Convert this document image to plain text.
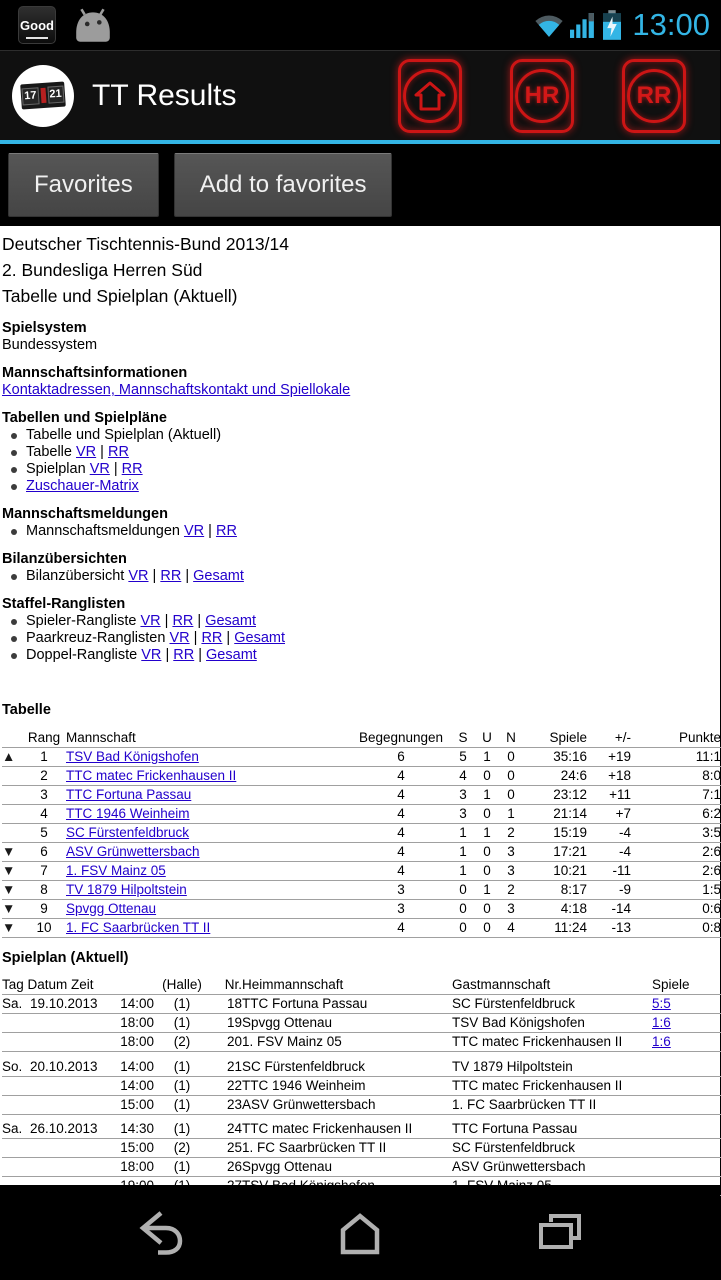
Good	13:00
17 21 TT Results	HR	RR
Favorites	Add to favorites
Deutscher Tischtennis-Bund 2013/14
2. Bundesliga Herren Süd
Tabelle und Spielplan (Aktuell)
Spielsystem
Bundessystem
Mannschaftsinformationen
Kontaktadressen, Mannschaftskontakt und Spiellokale
Tabellen und Spielpläne
Tabelle und Spielplan (Aktuell)
Tabelle VR | RR
Spielplan VR | RR
Zuschauer-Matrix
Mannschaftsmeldungen
Mannschaftsmeldungen VR | RR
Bilanzübersichten
Bilanzübersicht VR | RR | Gesamt
Staffel-Ranglisten
Spieler-Rangliste VR | RR | Gesamt
Paarkreuz-Ranglisten VR | RR | Gesamt
Doppel-Rangliste VR | RR | Gesamt
Tabelle
	Rang	Mannschaft	Begegnungen	S	U	N	Spiele	+/-	Punkte
▲	1	TSV Bad Königshofen	6	5	1	0	35:16	+19	11:1
	2	TTC matec Frickenhausen II	4	4	0	0	24:6	+18	8:0
	3	TTC Fortuna Passau	4	3	1	0	23:12	+11	7:1
	4	TTC 1946 Weinheim	4	3	0	1	21:14	+7	6:2
	5	SC Fürstenfeldbruck	4	1	1	2	15:19	-4	3:5
▼	6	ASV Grünwettersbach	4	1	0	3	17:21	-4	2:6
▼	7	1. FSV Mainz 05	4	1	0	3	10:21	-11	2:6
▼	8	TV 1879 Hilpoltstein	3	0	1	2	8:17	-9	1:5
▼	9	Spvgg Ottenau	3	0	0	3	4:18	-14	0:6
▼	10	1. FC Saarbrücken TT II	4	0	0	4	11:24	-13	0:8
Spielplan (Aktuell)
Tag Datum Zeit			(Halle)	Nr.	Heimmannschaft	Gastmannschaft	Spiele
Sa.	19.10.2013	14:00	(1)	18	TTC Fortuna Passau	SC Fürstenfeldbruck	5:5
		18:00	(1)	19	Spvgg Ottenau	TSV Bad Königshofen	1:6
		18:00	(2)	20	1. FSV Mainz 05	TTC matec Frickenhausen II	1:6

So.	20.10.2013	14:00	(1)	21	SC Fürstenfeldbruck	TV 1879 Hilpoltstein	
		14:00	(1)	22	TTC 1946 Weinheim	TTC matec Frickenhausen II	
		15:00	(1)	23	ASV Grünwettersbach	1. FC Saarbrücken TT II	

Sa.	26.10.2013	14:30	(1)	24	TTC matec Frickenhausen II	TTC Fortuna Passau	
		15:00	(2)	25	1. FC Saarbrücken TT II	SC Fürstenfeldbruck	
		18:00	(1)	26	Spvgg Ottenau	ASV Grünwettersbach	
